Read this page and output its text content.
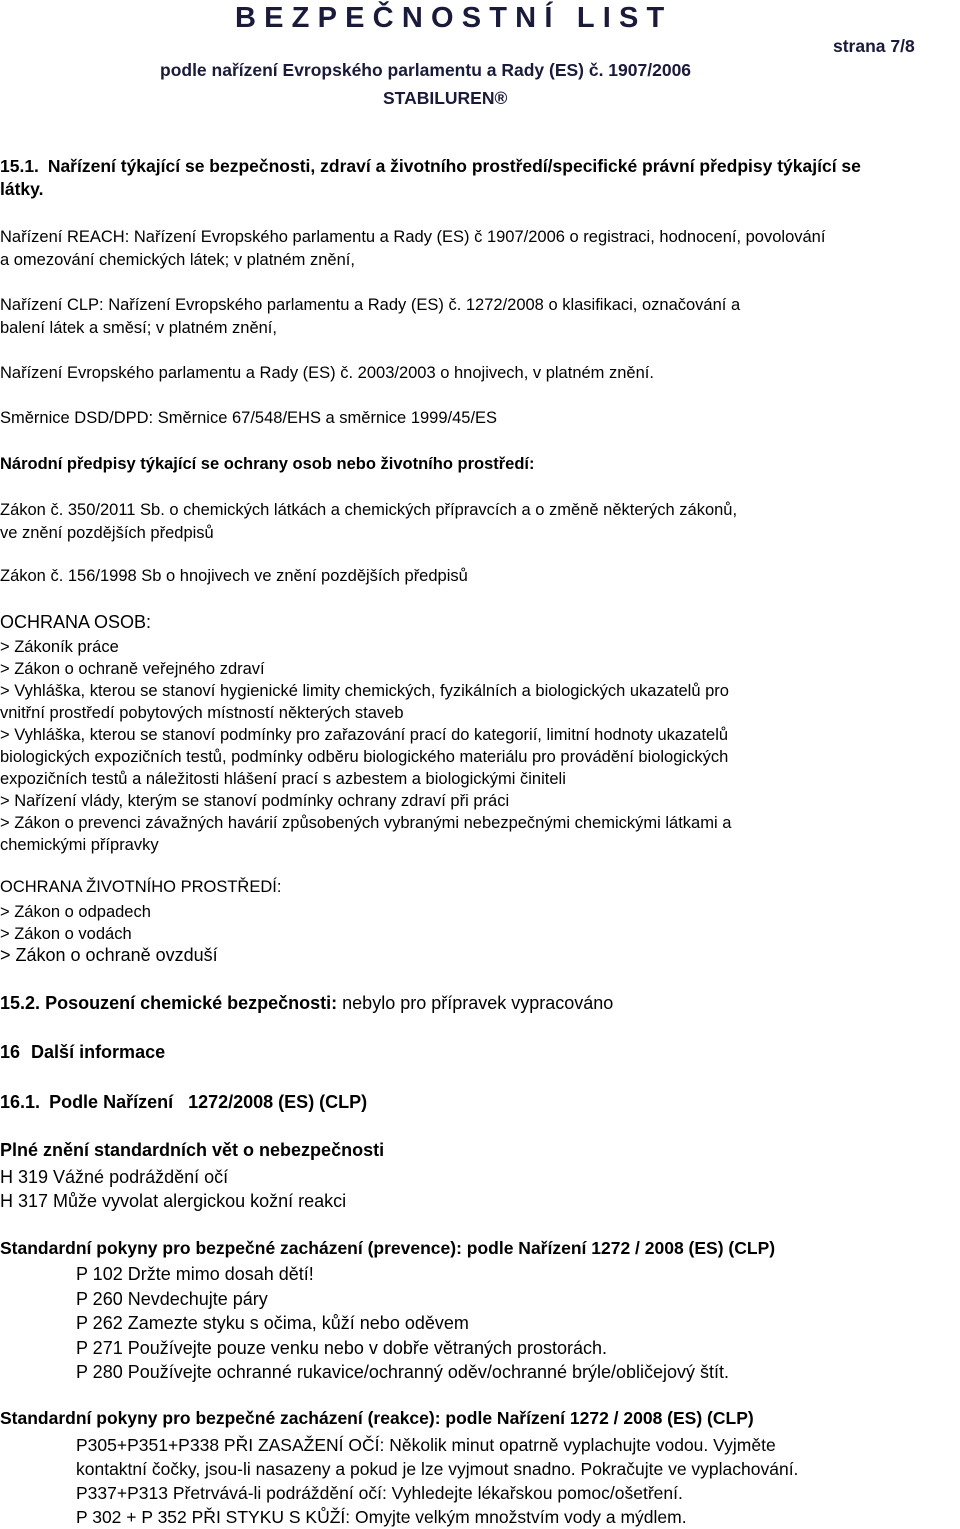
BEZPEČNOSTNÍ LIST
podle nařízení Evropského parlamentu a Rady (ES) č. 1907/2006
STABILUREN®
strana 7/8
15.1. Nařízení týkající se bezpečnosti, zdraví a životního prostředí/specifické právní předpisy týkající se
látky.
Nařízení REACH: Nařízení Evropského parlamentu a Rady (ES) č 1907/2006 o registraci, hodnocení, povolování
a omezování chemických látek; v platném znění,
Nařízení CLP: Nařízení Evropského parlamentu a Rady (ES) č. 1272/2008 o klasifikaci, označování a
balení látek a směsí; v platném znění,
Nařízení Evropského parlamentu a Rady (ES) č. 2003/2003 o hnojivech, v platném znění.
Směrnice DSD/DPD: Směrnice 67/548/EHS a směrnice 1999/45/ES
Národní předpisy týkající se ochrany osob nebo životního prostředí:
Zákon č. 350/2011 Sb. o chemických látkách a chemických přípravcích a o změně některých zákonů,
ve znění pozdějších předpisů
Zákon č. 156/1998 Sb o hnojivech ve znění pozdějších předpisů
OCHRANA OSOB:
> Zákoník práce
> Zákon o ochraně veřejného zdraví
> Vyhláška, kterou se stanoví hygienické limity chemických, fyzikálních a biologických ukazatelů pro
vnitřní prostředí pobytových místností některých staveb
> Vyhláška, kterou se stanoví podmínky pro zařazování prací do kategorií, limitní hodnoty ukazatelů
biologických expozičních testů, podmínky odběru biologického materiálu pro provádění biologických
expozičních testů a náležitosti hlášení prací s azbestem a biologickými činiteli
> Nařízení vlády, kterým se stanoví podmínky ochrany zdraví při práci
> Zákon o prevenci závažných havárií způsobených vybranými nebezpečnými chemickými látkami a
chemickými přípravky
OCHRANA ŽIVOTNÍHO PROSTŘEDÍ:
> Zákon o odpadech
> Zákon o vodách
> Zákon o ochraně ovzduší
15.2. Posouzení chemické bezpečnosti: nebylo pro přípravek vypracováno
16 Další informace
16.1. Podle Nařízení   1272/2008 (ES) (CLP)
Plné znění standardních vět o nebezpečnosti
H 319 Vážné podráždění očí
H 317 Může vyvolat alergickou kožní reakci
Standardní pokyny pro bezpečné zacházení (prevence): podle Nařízení 1272 / 2008 (ES) (CLP)
P 102 Držte mimo dosah dětí!
P 260 Nevdechujte páry
P 262 Zamezte styku s očima, kůží nebo oděvem
P 271 Používejte pouze venku nebo v dobře větraných prostorách.
P 280 Používejte ochranné rukavice/ochranný oděv/ochranné brýle/obličejový štít.
Standardní pokyny pro bezpečné zacházení (reakce): podle Nařízení 1272 / 2008 (ES) (CLP)
P305+P351+P338 PŘI ZASAŽENÍ OČÍ: Několik minut opatrně vyplachujte vodou. Vyjměte
kontaktní čočky, jsou-li nasazeny a pokud je lze vyjmout snadno. Pokračujte ve vyplachování.
P337+P313 Přetrvává-li podráždění očí: Vyhledejte lékařskou pomoc/ošetření.
P 302 + P 352 PŘI STYKU S KŮŽÍ: Omyjte velkým množstvím vody a mýdlem.
